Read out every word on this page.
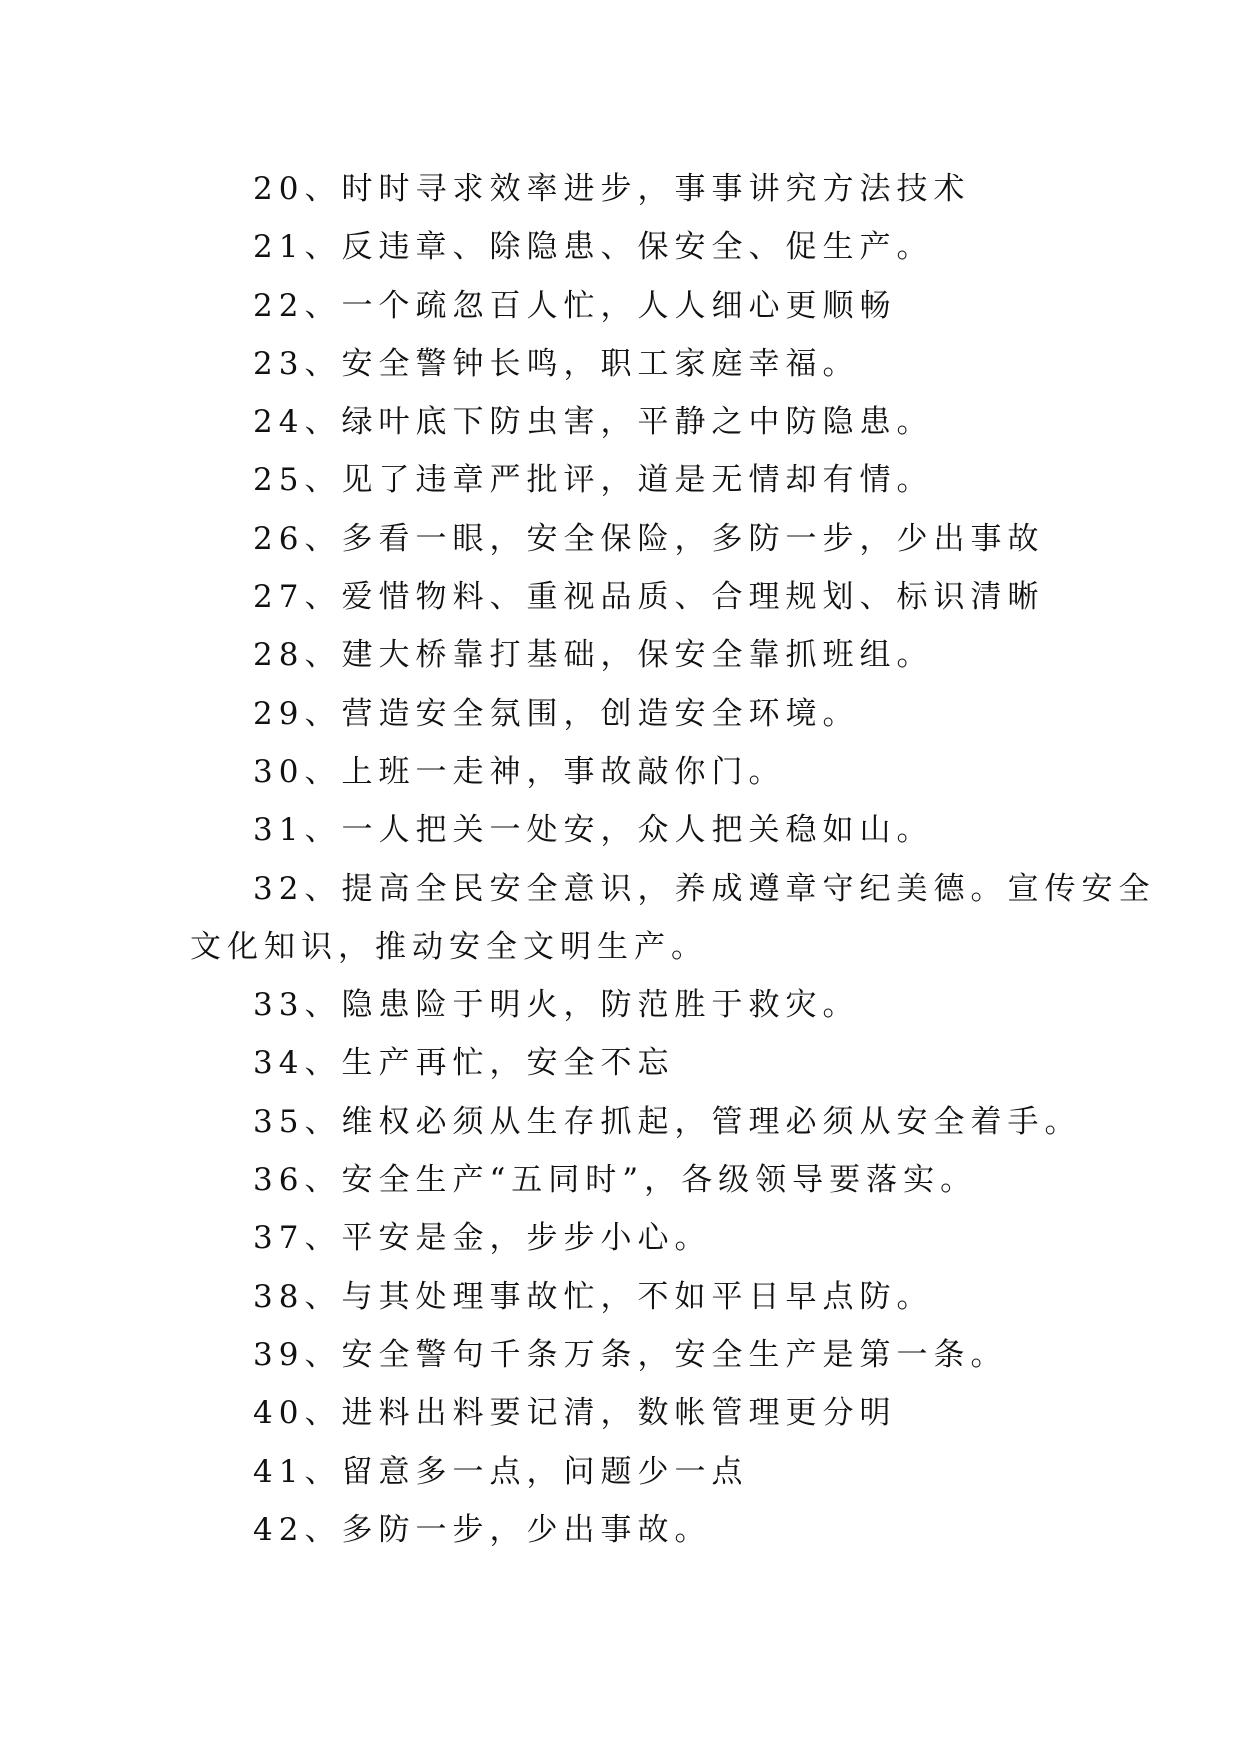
20、时时寻求效率进步，事事讲究方法技术
21、反违章、除隐患、保安全、促生产。
22、一个疏忽百人忙，人人细心更顺畅
23、安全警钟长鸣，职工家庭幸福。
24、绿叶底下防虫害，平静之中防隐患。
25、见了违章严批评，道是无情却有情。
26、多看一眼，安全保险，多防一步，少出事故
27、爱惜物料、重视品质、合理规划、标识清晰
28、建大桥靠打基础，保安全靠抓班组。
29、营造安全氛围，创造安全环境。
30、上班一走神，事故敲你门。
31、一人把关一处安，众人把关稳如山。
32、提高全民安全意识，养成遵章守纪美德。宣传安全
文化知识，推动安全文明生产。
33、隐患险于明火，防范胜于救灾。
34、生产再忙，安全不忘
35、维权必须从生存抓起，管理必须从安全着手。
36、安全生产“五同时”，各级领导要落实。
37、平安是金，步步小心。
38、与其处理事故忙，不如平日早点防。
39、安全警句千条万条，安全生产是第一条。
40、进料出料要记清，数帐管理更分明
41、留意多一点，问题少一点
42、多防一步，少出事故。
